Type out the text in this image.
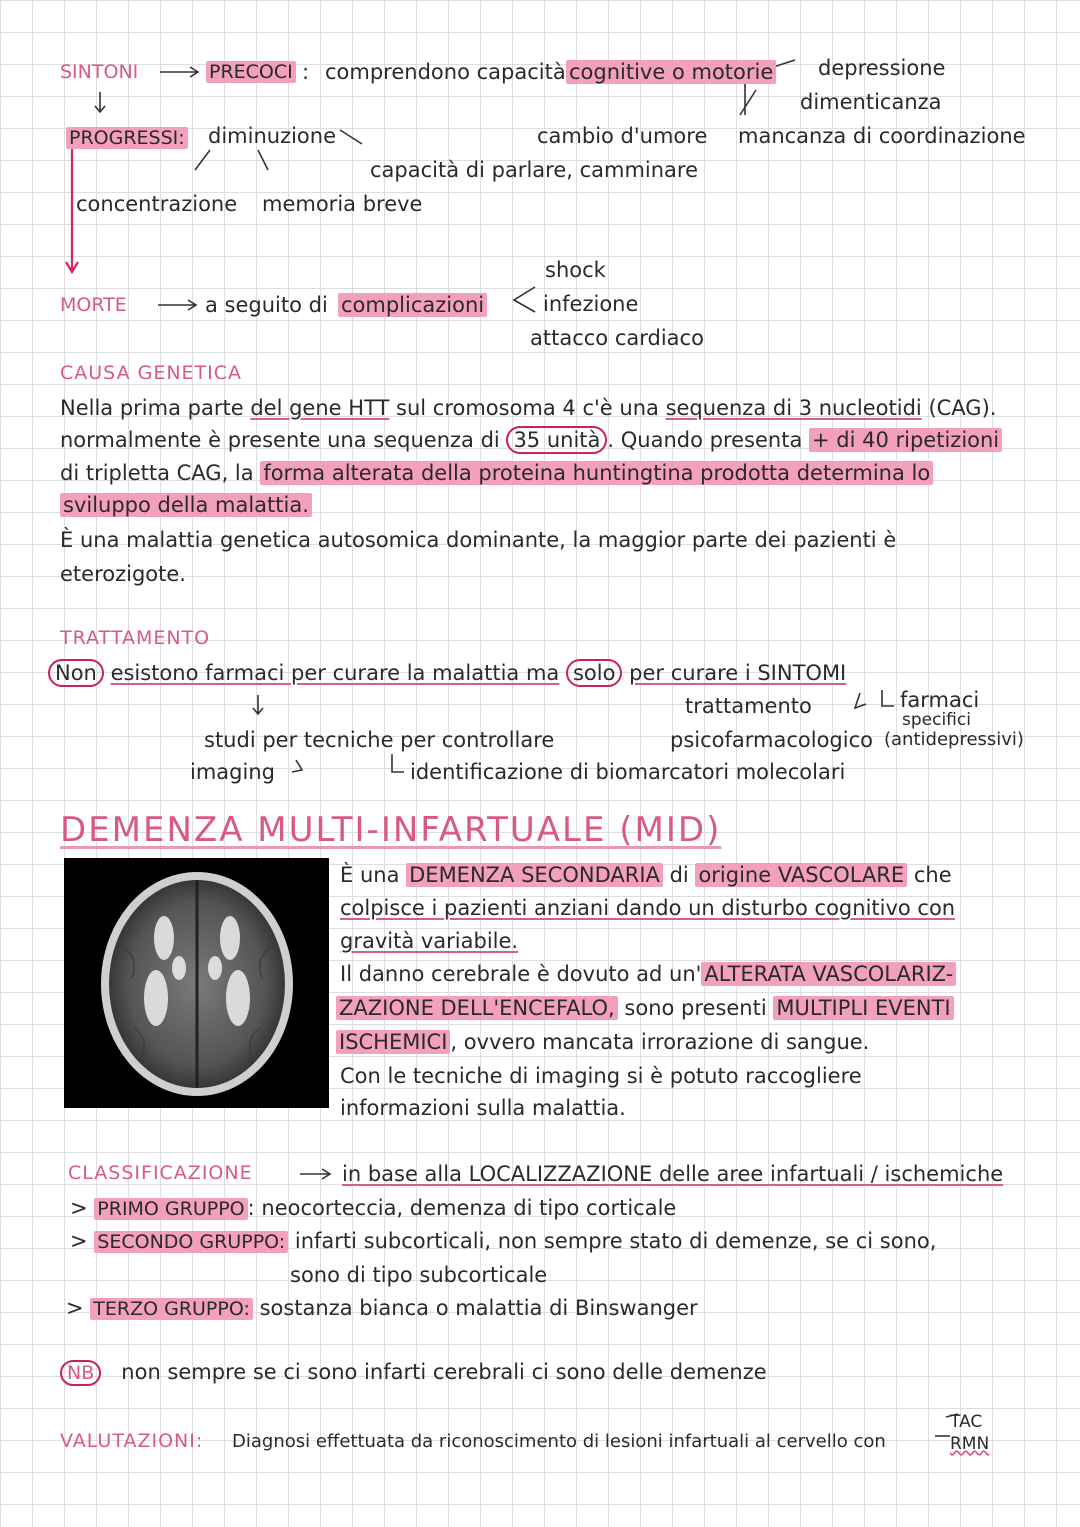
SINTONI	PRECOCI : comprendono capacità cognitive o motorie depressione
dimenticanza
PROGRESSI: diminuzione	cambio d'umore mancanza di coordinazione
capacità di parlare, camminare
concentrazione memoria breve
MORTE	a seguito di complicazioni
shock
infezione
attacco cardiaco
CAUSA GENETICA
Nella prima parte del gene HTT sul cromosoma 4 c'è una sequenza di 3 nucleotidi (CAG).
normalmente è presente una sequenza di 35 unità . Quando presenta + di 40 ripetizioni
di tripletta CAG, la forma alterata della proteina huntingtina prodotta determina lo
sviluppo della malattia.
È una malattia genetica autosomica dominante, la maggior parte dei pazienti è
eterozigote.
TRATTAMENTO
Non esistono farmaci per curare la malattia ma solo per curare i SINTOMI
trattamento	farmaci
specifici
studi per tecniche per controllare	psicofarmacologico (antidepressivi)
imaging	identificazione di biomarcatori molecolari
DEMENZA MULTI-INFARTUALE (MID)
È una DEMENZA SECONDARIA di origine VASCOLARE che
colpisce i pazienti anziani dando un disturbo cognitivo con
gravità variabile.
Il danno cerebrale è dovuto ad un' ALTERATA VASCOLARIZ-
ZAZIONE DELL'ENCEFALO, sono presenti MULTIPLI EVENTI
ISCHEMICI , ovvero mancata irrorazione di sangue.
Con le tecniche di imaging si è potuto raccogliere
informazioni sulla malattia.
CLASSIFICAZIONE	in base alla LOCALIZZAZIONE delle aree infartuali / ischemiche
> PRIMO GRUPPO : neocorteccia, demenza di tipo corticale
> SECONDO GRUPPO: infarti subcorticali, non sempre stato di demenze, se ci sono,
sono di tipo subcorticale
> TERZO GRUPPO: sostanza bianca o malattia di Binswanger
NB non sempre se ci sono infarti cerebrali ci sono delle demenze
VALUTAZIONI: Diagnosi effettuata da riconoscimento di lesioni infartuali al cervello con
TAC
RMN
